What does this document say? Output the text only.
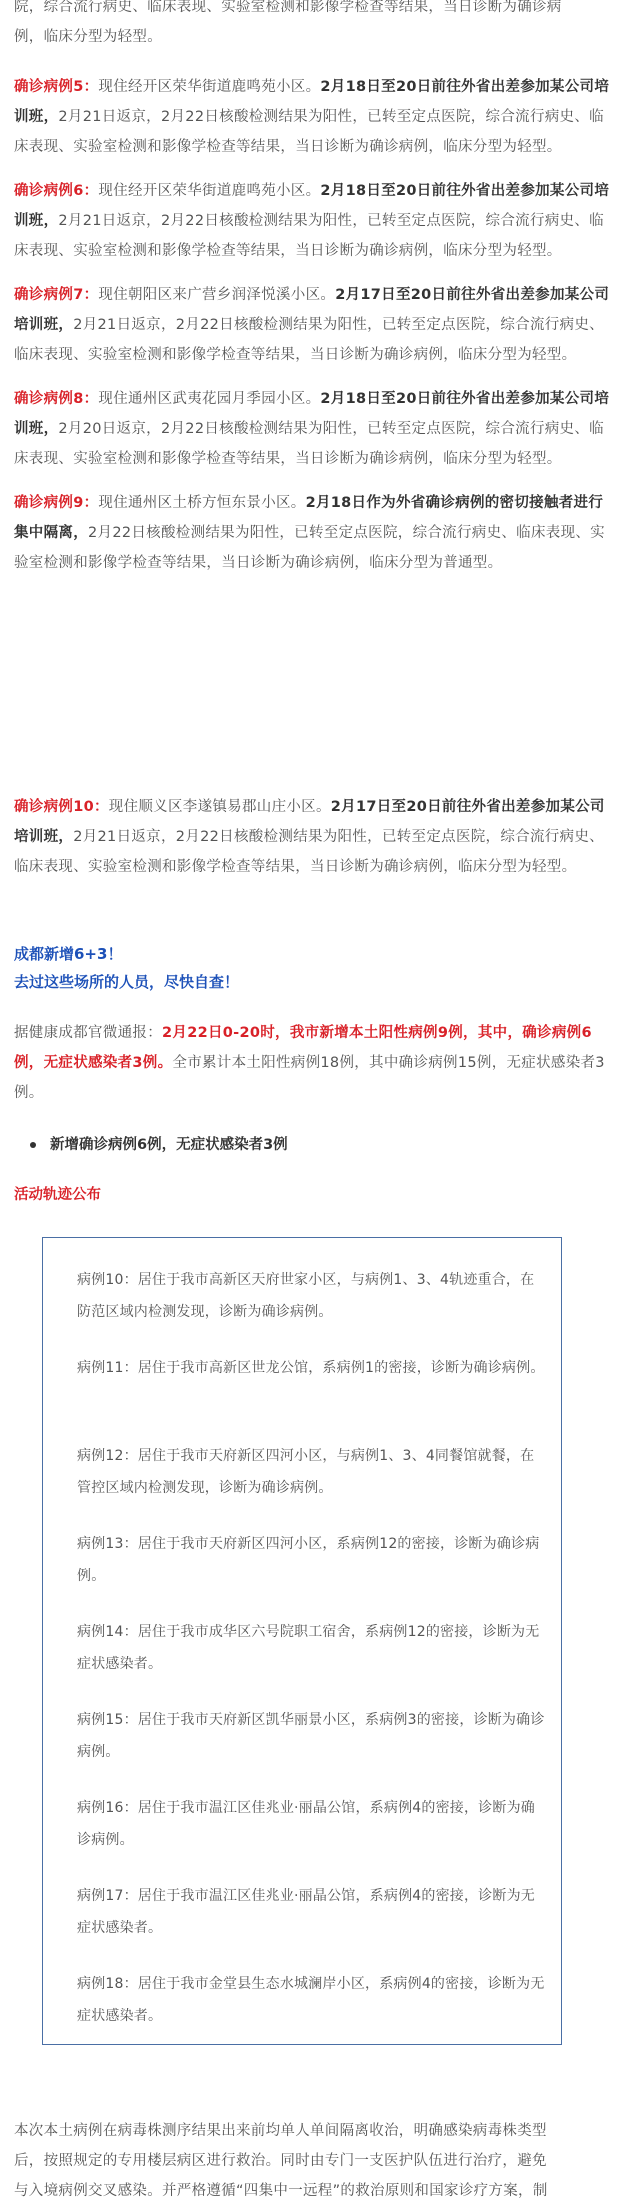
院，综合流行病史、临床表现、实验室检测和影像学检查等结果，当日诊断为确诊病
例，临床分型为轻型。
确诊病例5：现住经开区荣华街道鹿鸣苑小区。2月18日至20日前往外省出差参加某公司培训班，2月21日返京，2月22日核酸检测结果为阳性，已转至定点医院，综合流行病史、临床表现、实验室检测和影像学检查等结果，当日诊断为确诊病例，临床分型为轻型。
确诊病例6：现住经开区荣华街道鹿鸣苑小区。2月18日至20日前往外省出差参加某公司培训班，2月21日返京，2月22日核酸检测结果为阳性，已转至定点医院，综合流行病史、临床表现、实验室检测和影像学检查等结果，当日诊断为确诊病例，临床分型为轻型。
确诊病例7：现住朝阳区来广营乡润泽悦溪小区。2月17日至20日前往外省出差参加某公司培训班，2月21日返京，2月22日核酸检测结果为阳性，已转至定点医院，综合流行病史、临床表现、实验室检测和影像学检查等结果，当日诊断为确诊病例，临床分型为轻型。
确诊病例8：现住通州区武夷花园月季园小区。2月18日至20日前往外省出差参加某公司培训班，2月20日返京，2月22日核酸检测结果为阳性，已转至定点医院，综合流行病史、临床表现、实验室检测和影像学检查等结果，当日诊断为确诊病例，临床分型为轻型。
确诊病例9：现住通州区土桥方恒东景小区。2月18日作为外省确诊病例的密切接触者进行集中隔离，2月22日核酸检测结果为阳性，已转至定点医院，综合流行病史、临床表现、实验室检测和影像学检查等结果，当日诊断为确诊病例，临床分型为普通型。
确诊病例10：现住顺义区李遂镇易郡山庄小区。2月17日至20日前往外省出差参加某公司培训班，2月21日返京，2月22日核酸检测结果为阳性，已转至定点医院，综合流行病史、临床表现、实验室检测和影像学检查等结果，当日诊断为确诊病例，临床分型为轻型。
成都新增6+3！
去过这些场所的人员，尽快自查！
据健康成都官微通报：2月22日0-20时，我市新增本土阳性病例9例，其中，确诊病例6例，无症状感染者3例。全市累计本土阳性病例18例，其中确诊病例15例，无症状感染者3例。
新增确诊病例6例，无症状感染者3例
活动轨迹公布
病例10：居住于我市高新区天府世家小区，与病例1、3、4轨迹重合，在防范区域内检测发现，诊断为确诊病例。
病例11：居住于我市高新区世龙公馆，系病例1的密接，诊断为确诊病例。
病例12：居住于我市天府新区四河小区，与病例1、3、4同餐馆就餐，在管控区域内检测发现，诊断为确诊病例。
病例13：居住于我市天府新区四河小区，系病例12的密接，诊断为确诊病例。
病例14：居住于我市成华区六号院职工宿舍，系病例12的密接，诊断为无症状感染者。
病例15：居住于我市天府新区凯华丽景小区，系病例3的密接，诊断为确诊病例。
病例16：居住于我市温江区佳兆业·丽晶公馆，系病例4的密接，诊断为确诊病例。
病例17：居住于我市温江区佳兆业·丽晶公馆，系病例4的密接，诊断为无症状感染者。
病例18：居住于我市金堂县生态水城澜岸小区，系病例4的密接，诊断为无症状感染者。
本次本土病例在病毒株测序结果出来前均单人单间隔离收治，明确感染病毒株类型
后，按照规定的专用楼层病区进行救治。同时由专门一支医护队伍进行治疗，避免
与入境病例交叉感染。并严格遵循“四集中一远程”的救治原则和国家诊疗方案，制
